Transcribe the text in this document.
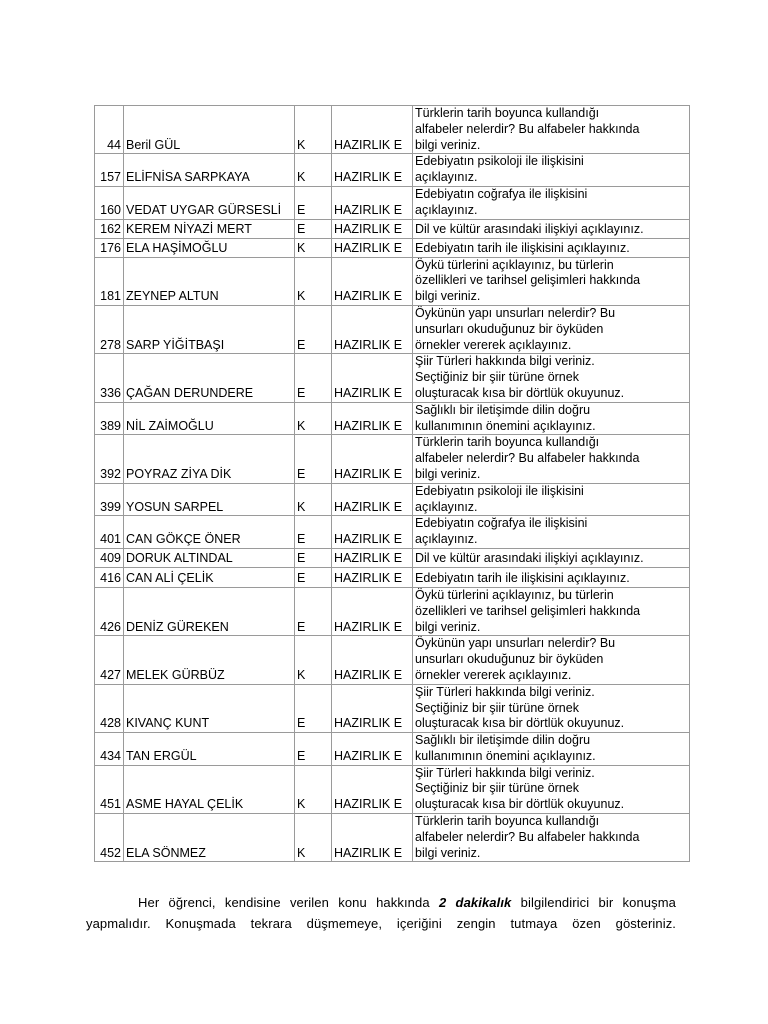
44	Beril GÜL	K	HAZIRLIK E	Türklerin tarih boyunca kullandığı
alfabeler nelerdir? Bu alfabeler hakkında
bilgi veriniz.
157	ELİFNİSA SARPKAYA	K	HAZIRLIK E	Edebiyatın psikoloji ile ilişkisini
açıklayınız.
160	VEDAT UYGAR GÜRSESLİ	E	HAZIRLIK E	Edebiyatın coğrafya ile ilişkisini
açıklayınız.
162	KEREM NİYAZİ MERT	E	HAZIRLIK E	Dil ve kültür arasındaki ilişkiyi açıklayınız.
176	ELA HAŞİMOĞLU	K	HAZIRLIK E	Edebiyatın tarih ile ilişkisini açıklayınız.
181	ZEYNEP ALTUN	K	HAZIRLIK E	Öykü türlerini açıklayınız, bu türlerin
özellikleri ve tarihsel gelişimleri hakkında
bilgi veriniz.
278	SARP YİĞİTBAŞI	E	HAZIRLIK E	Öykünün yapı unsurları nelerdir? Bu
unsurları okuduğunuz bir öyküden
örnekler vererek açıklayınız.
336	ÇAĞAN DERUNDERE	E	HAZIRLIK E	Şiir Türleri hakkında bilgi veriniz.
Seçtiğiniz bir şiir türüne örnek
oluşturacak kısa bir dörtlük okuyunuz.
389	NİL ZAİMOĞLU	K	HAZIRLIK E	Sağlıklı bir iletişimde dilin doğru
kullanımının önemini açıklayınız.
392	POYRAZ ZİYA DİK	E	HAZIRLIK E	Türklerin tarih boyunca kullandığı
alfabeler nelerdir? Bu alfabeler hakkında
bilgi veriniz.
399	YOSUN SARPEL	K	HAZIRLIK E	Edebiyatın psikoloji ile ilişkisini
açıklayınız.
401	CAN GÖKÇE ÖNER	E	HAZIRLIK E	Edebiyatın coğrafya ile ilişkisini
açıklayınız.
409	DORUK ALTINDAL	E	HAZIRLIK E	Dil ve kültür arasındaki ilişkiyi açıklayınız.
416	CAN ALİ ÇELİK	E	HAZIRLIK E	Edebiyatın tarih ile ilişkisini açıklayınız.
426	DENİZ GÜREKEN	E	HAZIRLIK E	Öykü türlerini açıklayınız, bu türlerin
özellikleri ve tarihsel gelişimleri hakkında
bilgi veriniz.
427	MELEK GÜRBÜZ	K	HAZIRLIK E	Öykünün yapı unsurları nelerdir? Bu
unsurları okuduğunuz bir öyküden
örnekler vererek açıklayınız.
428	KIVANÇ KUNT	E	HAZIRLIK E	Şiir Türleri hakkında bilgi veriniz.
Seçtiğiniz bir şiir türüne örnek
oluşturacak kısa bir dörtlük okuyunuz.
434	TAN ERGÜL	E	HAZIRLIK E	Sağlıklı bir iletişimde dilin doğru
kullanımının önemini açıklayınız.
451	ASME HAYAL ÇELİK	K	HAZIRLIK E	Şiir Türleri hakkında bilgi veriniz.
Seçtiğiniz bir şiir türüne örnek
oluşturacak kısa bir dörtlük okuyunuz.
452	ELA SÖNMEZ	K	HAZIRLIK E	Türklerin tarih boyunca kullandığı
alfabeler nelerdir? Bu alfabeler hakkında
bilgi veriniz.

Her öğrenci, kendisine verilen konu hakkında 2 dakikalık bilgilendirici bir konuşma yapmalıdır. Konuşmada tekrara düşmemeye, içeriğini zengin tutmaya özen gösteriniz.
